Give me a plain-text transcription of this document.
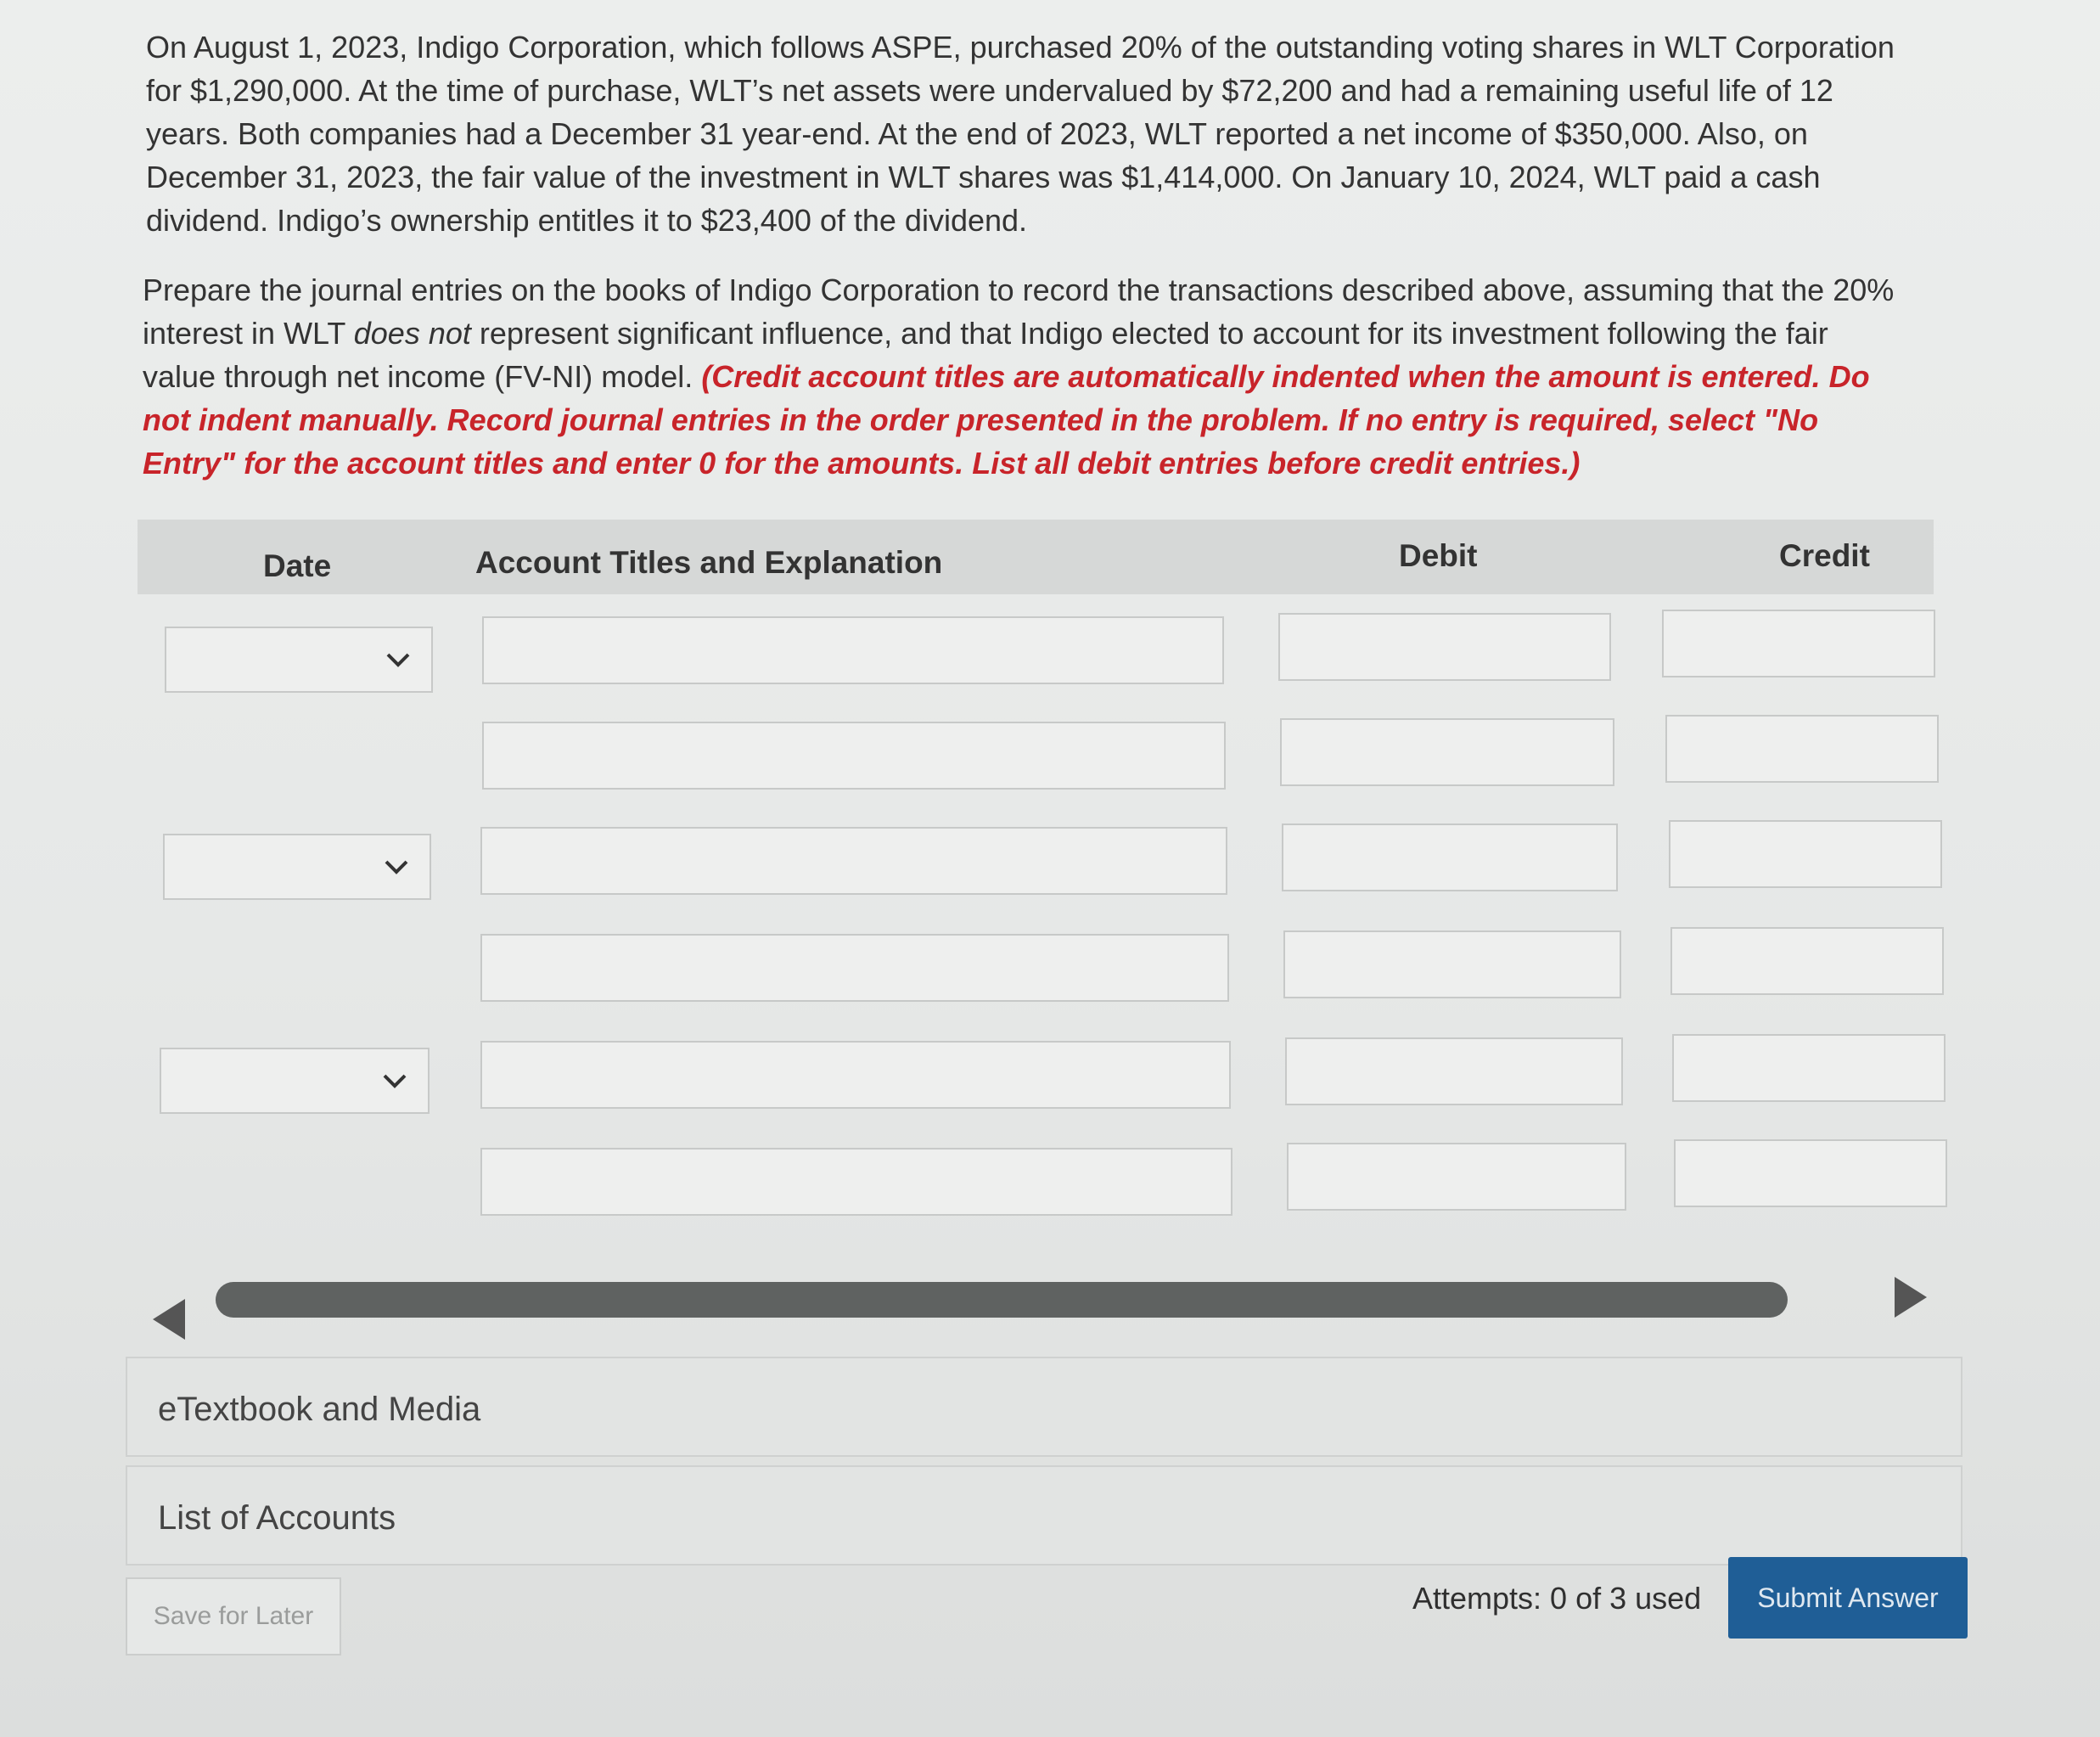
On August 1, 2023, Indigo Corporation, which follows ASPE, purchased 20% of the outstanding voting shares in WLT Corporation for $1,290,000. At the time of purchase, WLT’s net assets were undervalued by $72,200 and had a remaining useful life of 12 years. Both companies had a December 31 year-end. At the end of 2023, WLT reported a net income of $350,000. Also, on December 31, 2023, the fair value of the investment in WLT shares was $1,414,000. On January 10, 2024, WLT paid a cash dividend. Indigo’s ownership entitles it to $23,400 of the dividend.

Prepare the journal entries on the books of Indigo Corporation to record the transactions described above, assuming that the 20% interest in WLT does not represent significant influence, and that Indigo elected to account for its investment following the fair value through net income (FV-NI) model. (Credit account titles are automatically indented when the amount is entered. Do not indent manually. Record journal entries in the order presented in the problem. If no entry is required, select "No Entry" for the account titles and enter 0 for the amounts. List all debit entries before credit entries.)

Date	Account Titles and Explanation	Debit	Credit
eTextbook and Media
List of Accounts
Save for Later
Attempts: 0 of 3 used	Submit Answer
